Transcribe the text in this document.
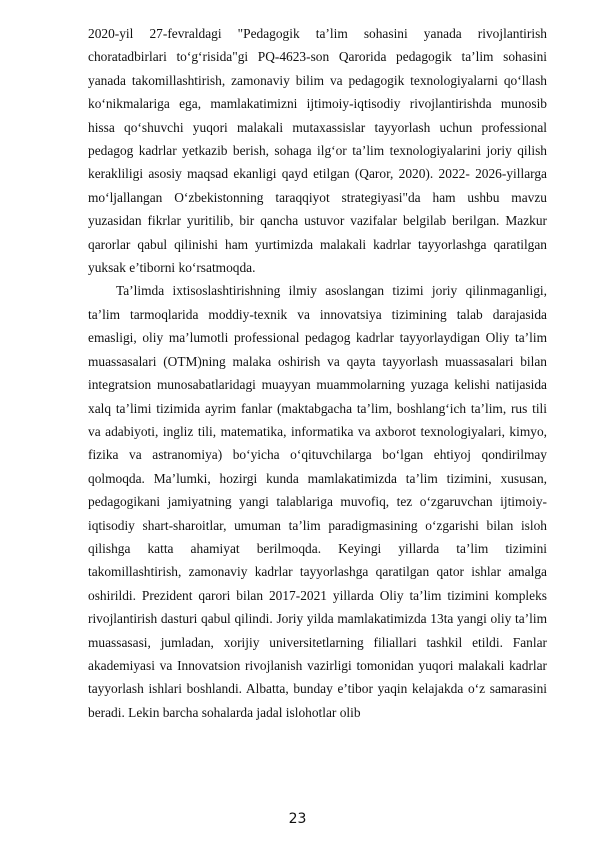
2020-yil 27-fevraldagi "Pedagogik ta’lim sohasini yanada rivojlantirish choratadbirlari to‘g‘risida"gi PQ-4623-son Qarorida pedagogik ta’lim sohasini yanada takomillashtirish, zamonaviy bilim va pedagogik texnologiyalarni qo‘llash ko‘nikmalariga ega, mamlakatimizni ijtimoiy-iqtisodiy rivojlantirishda munosib hissa qo‘shuvchi yuqori malakali mutaxassislar tayyorlash uchun professional pedagog kadrlar yetkazib berish, sohaga ilg‘or ta’lim texnologiyalarini joriy qilish kerakliligi asosiy maqsad ekanligi qayd etilgan (Qaror, 2020). 2022- 2026-yillarga mo‘ljallangan O‘zbekistonning taraqqiyot strategiyasi"da ham ushbu mavzu yuzasidan fikrlar yuritilib, bir qancha ustuvor vazifalar belgilab berilgan. Mazkur qarorlar qabul qilinishi ham yurtimizda malakali kadrlar tayyorlashga qaratilgan yuksak e’tiborni ko‘rsatmoqda.

Ta’limda ixtisoslashtirishning ilmiy asoslangan tizimi joriy qilinmaganligi, ta’lim tarmoqlarida moddiy-texnik va innovatsiya tizimining talab darajasida emasligi, oliy ma’lumotli professional pedagog kadrlar tayyorlaydigan Oliy ta’lim muassasalari (OTM)ning malaka oshirish va qayta tayyorlash muassasalari bilan integratsion munosabatlaridagi muayyan muammolarning yuzaga kelishi natijasida xalq ta’limi tizimida ayrim fanlar (maktabgacha ta’lim, boshlang‘ich ta’lim, rus tili va adabiyoti, ingliz tili, matematika, informatika va axborot texnologiyalari, kimyo, fizika va astranomiya) bo‘yicha o‘qituvchilarga bo‘lgan ehtiyoj qondirilmay qolmoqda. Ma’lumki, hozirgi kunda mamlakatimizda ta’lim tizimini, xususan, pedagogikani jamiyatning yangi talablariga muvofiq, tez o‘zgaruvchan ijtimoiy-iqtisodiy shart-sharoitlar, umuman ta’lim paradigmasining o‘zgarishi bilan isloh qilishga katta ahamiyat berilmoqda. Keyingi yillarda ta’lim tizimini takomillashtirish, zamonaviy kadrlar tayyorlashga qaratilgan qator ishlar amalga oshirildi. Prezident qarori bilan 2017-2021 yillarda Oliy ta’lim tizimini kompleks rivojlantirish dasturi qabul qilindi. Joriy yilda mamlakatimizda 13ta yangi oliy ta’lim muassasasi, jumladan, xorijiy universitetlarning filiallari tashkil etildi. Fanlar akademiyasi va Innovatsion rivojlanish vazirligi tomonidan yuqori malakali kadrlar tayyorlash ishlari boshlandi. Albatta, bunday e’tibor yaqin kelajakda o‘z samarasini beradi. Lekin barcha sohalarda jadal islohotlar olib

23
